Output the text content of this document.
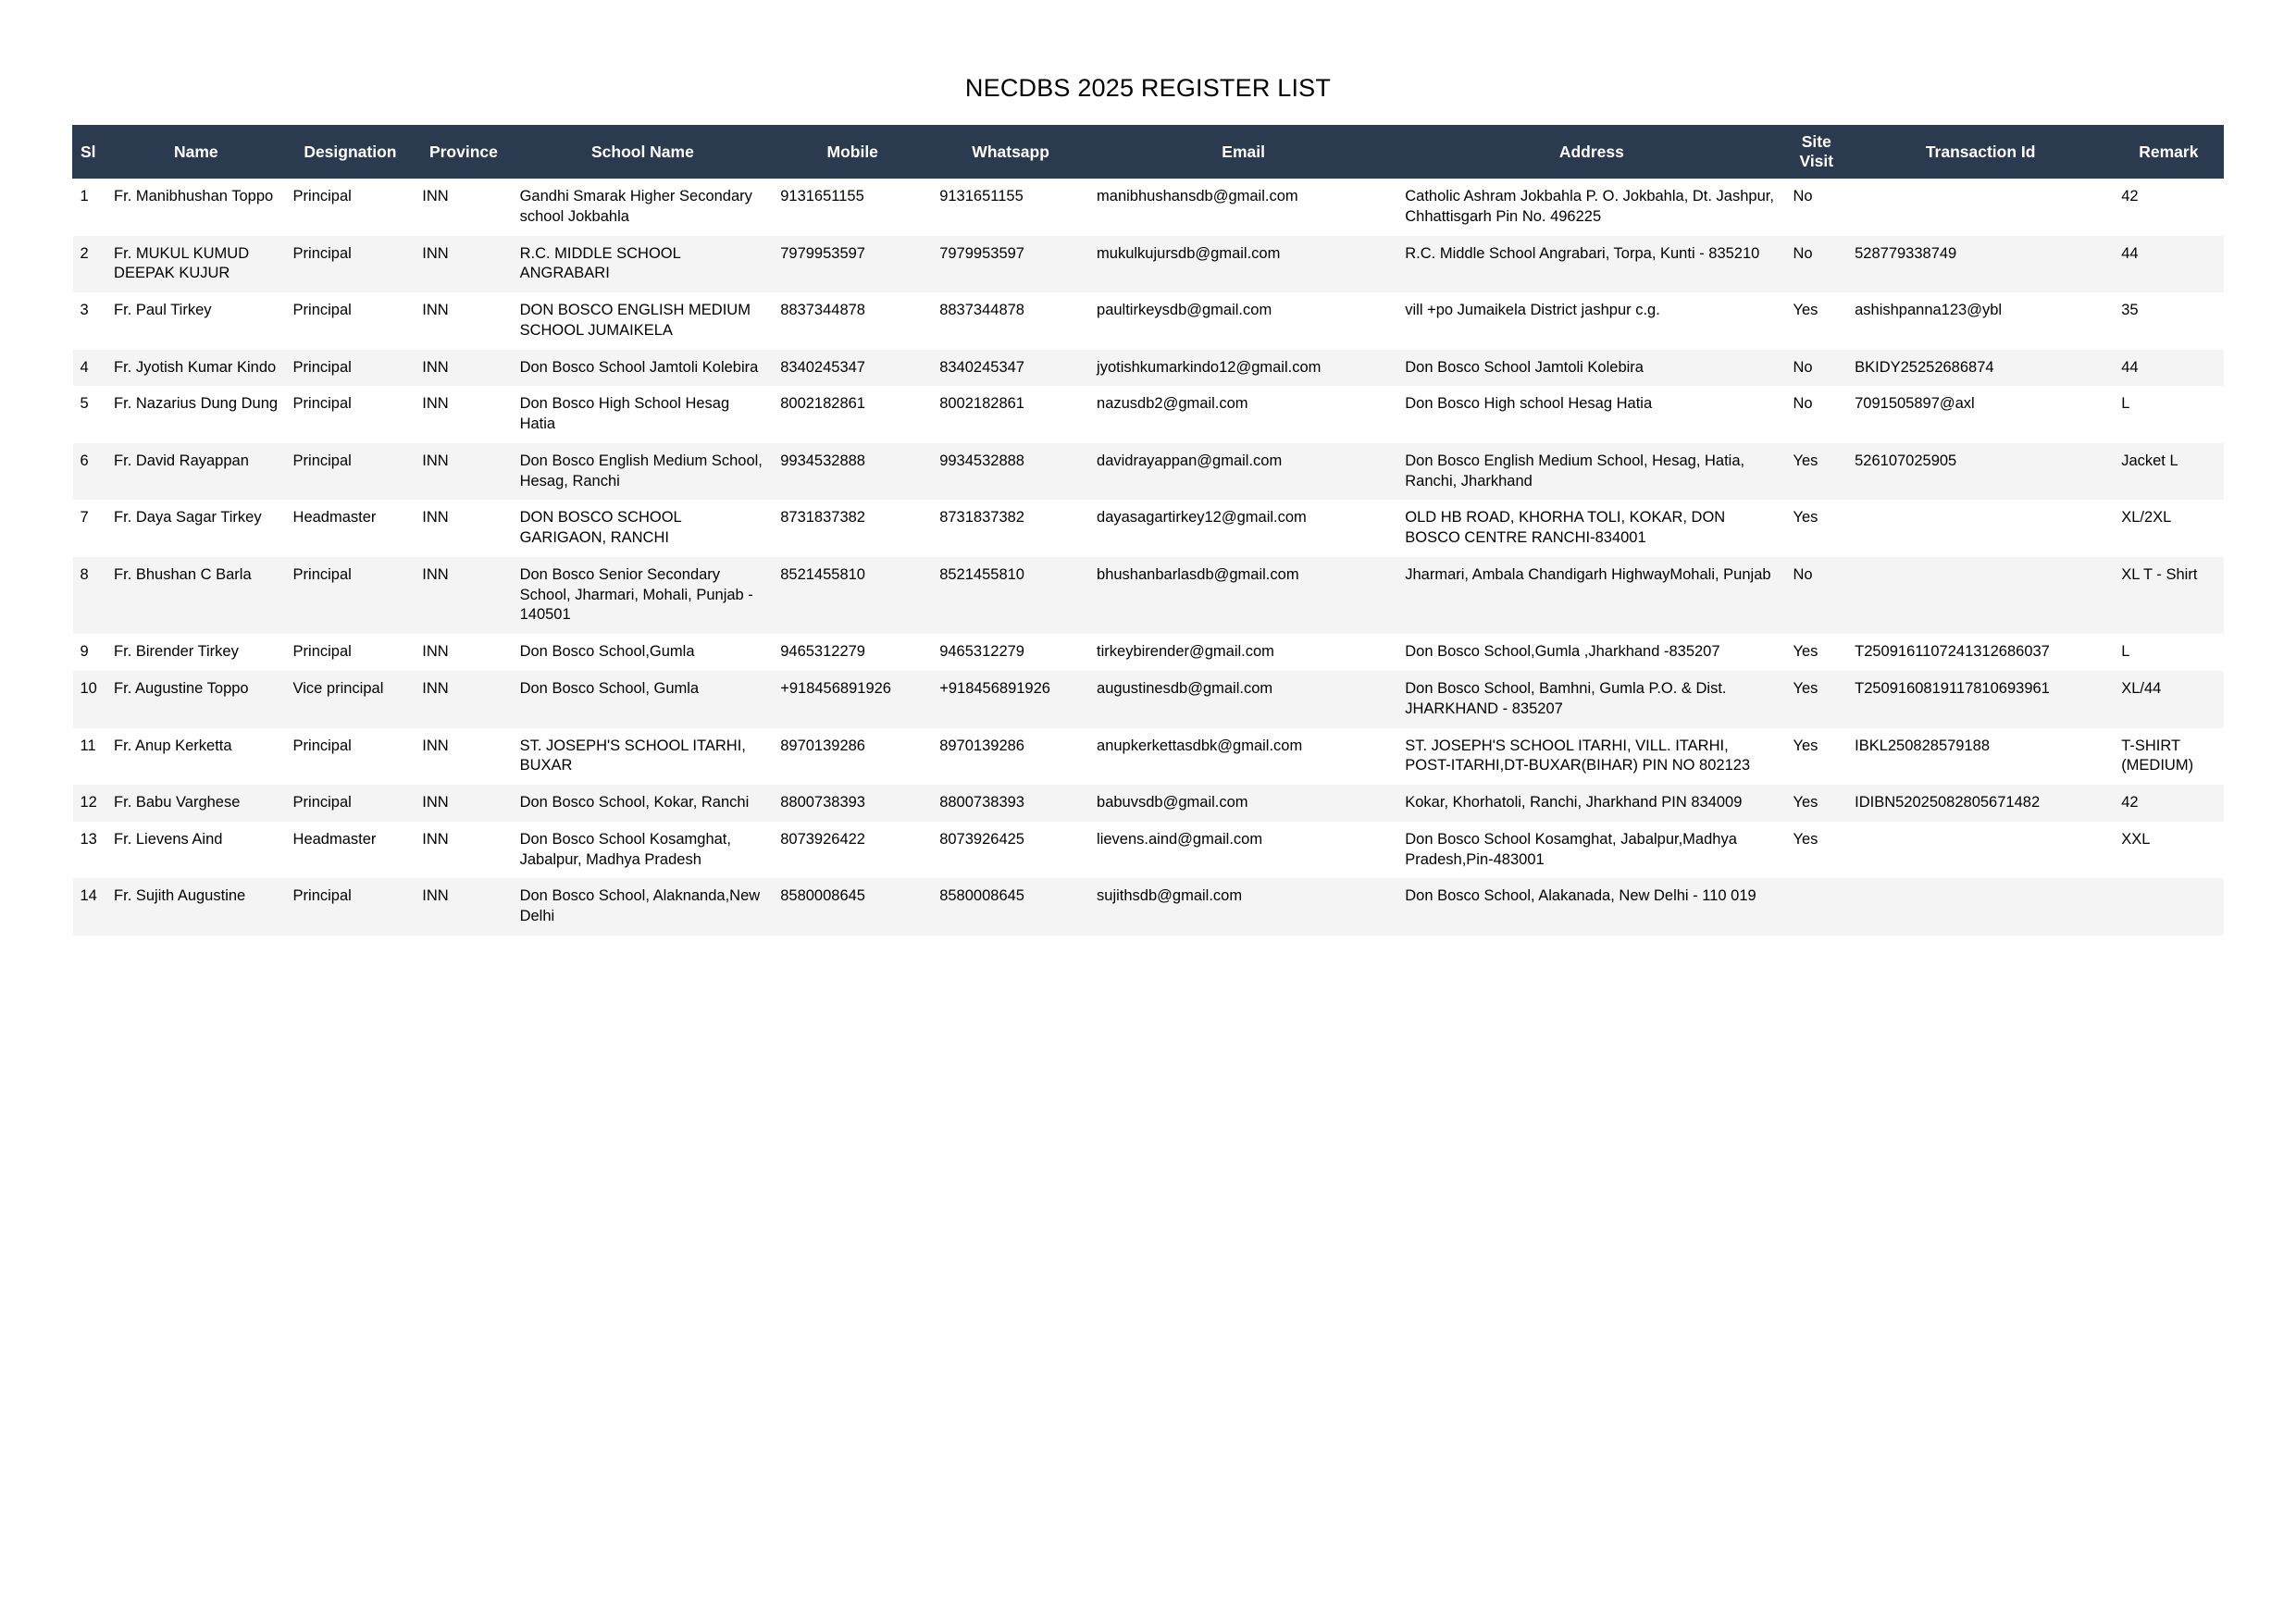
NECDBS 2025 REGISTER LIST
Sl	Name	Designation	Province	School Name	Mobile	Whatsapp	Email	Address	Site Visit	Transaction Id	Remark
1	Fr. Manibhushan Toppo	Principal	INN	Gandhi Smarak Higher Secondary school Jokbahla	9131651155	9131651155	manibhushansdb@gmail.com	Catholic Ashram Jokbahla P. O. Jokbahla, Dt. Jashpur, Chhattisgarh Pin No. 496225	No		42
2	Fr. MUKUL KUMUD DEEPAK KUJUR	Principal	INN	R.C. MIDDLE SCHOOL ANGRABARI	7979953597	7979953597	mukulkujursdb@gmail.com	R.C. Middle School Angrabari, Torpa, Kunti - 835210	No	528779338749	44
3	Fr. Paul Tirkey	Principal	INN	DON BOSCO ENGLISH MEDIUM SCHOOL JUMAIKELA	8837344878	8837344878	paultirkeysdb@gmail.com	vill +po Jumaikela District jashpur c.g.	Yes	ashishpanna123@ybl	35
4	Fr. Jyotish Kumar Kindo	Principal	INN	Don Bosco School Jamtoli Kolebira	8340245347	8340245347	jyotishkumarkindo12@gmail.com	Don Bosco School Jamtoli Kolebira	No	BKIDY25252686874	44
5	Fr. Nazarius Dung Dung	Principal	INN	Don Bosco High School Hesag Hatia	8002182861	8002182861	nazusdb2@gmail.com	Don Bosco High school Hesag Hatia	No	7091505897@axl	L
6	Fr. David Rayappan	Principal	INN	Don Bosco English Medium School, Hesag, Ranchi	9934532888	9934532888	davidrayappan@gmail.com	Don Bosco English Medium School, Hesag, Hatia, Ranchi, Jharkhand	Yes	526107025905	Jacket L
7	Fr. Daya Sagar Tirkey	Headmaster	INN	DON BOSCO SCHOOL GARIGAON, RANCHI	8731837382	8731837382	dayasagartirkey12@gmail.com	OLD HB ROAD, KHORHA TOLI, KOKAR, DON BOSCO CENTRE RANCHI-834001	Yes		XL/2XL
8	Fr. Bhushan C Barla	Principal	INN	Don Bosco Senior Secondary School, Jharmari, Mohali, Punjab - 140501	8521455810	8521455810	bhushanbarlasdb@gmail.com	Jharmari, Ambala Chandigarh HighwayMohali, Punjab	No		XL T - Shirt
9	Fr. Birender Tirkey	Principal	INN	Don Bosco School,Gumla	9465312279	9465312279	tirkeybirender@gmail.com	Don Bosco School,Gumla ,Jharkhand -835207	Yes	T2509161107241312686037	L
10	Fr. Augustine Toppo	Vice principal	INN	Don Bosco School, Gumla	+918456891926	+918456891926	augustinesdb@gmail.com	Don Bosco School, Bamhni, Gumla P.O. & Dist. JHARKHAND - 835207	Yes	T2509160819117810693961	XL/44
11	Fr. Anup Kerketta	Principal	INN	ST. JOSEPH'S SCHOOL ITARHI, BUXAR	8970139286	8970139286	anupkerkettasdbk@gmail.com	ST. JOSEPH'S SCHOOL ITARHI, VILL. ITARHI, POST-ITARHI,DT-BUXAR(BIHAR) PIN NO 802123	Yes	IBKL250828579188	T-SHIRT (MEDIUM)
12	Fr. Babu Varghese	Principal	INN	Don Bosco School, Kokar, Ranchi	8800738393	8800738393	babuvsdb@gmail.com	Kokar, Khorhatoli, Ranchi, Jharkhand PIN 834009	Yes	IDIBN52025082805671482	42
13	Fr. Lievens Aind	Headmaster	INN	Don Bosco School Kosamghat, Jabalpur, Madhya Pradesh	8073926422	8073926425	lievens.aind@gmail.com	Don Bosco School Kosamghat, Jabalpur,Madhya Pradesh,Pin-483001	Yes		XXL
14	Fr. Sujith Augustine	Principal	INN	Don Bosco School, Alaknanda,New Delhi	8580008645	8580008645	sujithsdb@gmail.com	Don Bosco School, Alakanada, New Delhi - 110 019			
